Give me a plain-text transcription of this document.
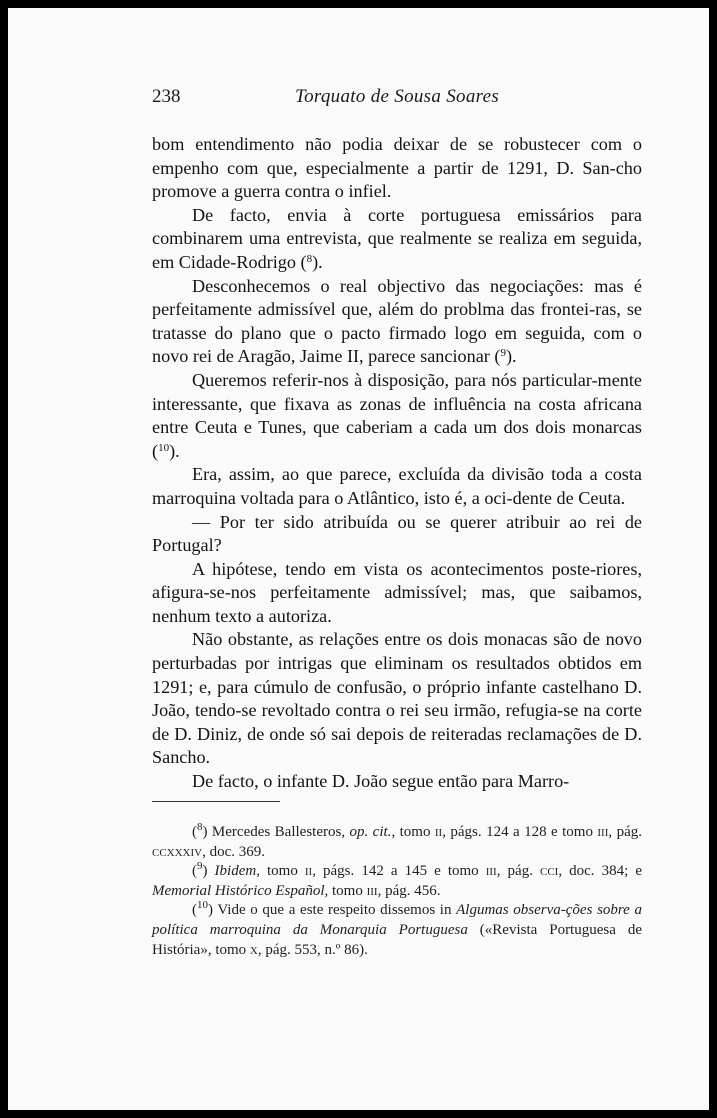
238	Torquato de Sousa Soares

bom entendimento não podia deixar de se robustecer com o empenho com que, especialmente a partir de 1291, D. San-cho promove a guerra contra o infiel.

De facto, envia à corte portuguesa emissários para combinarem uma entrevista, que realmente se realiza em seguida, em Cidade-Rodrigo ($^8$).

Desconhecemos o real objectivo das negociações: mas é perfeitamente admissível que, além do problma das frontei-ras, se tratasse do plano que o pacto firmado logo em seguida, com o novo rei de Aragão, Jaime II, parece sancionar ($^9$).

Queremos referir-nos à disposição, para nós particular-mente interessante, que fixava as zonas de influência na costa africana entre Ceuta e Tunes, que caberiam a cada um dos dois monarcas ($^{10}$).

Era, assim, ao que parece, excluída da divisão toda a costa marroquina voltada para o Atlântico, isto é, a oci-dente de Ceuta.

— Por ter sido atribuída ou se querer atribuir ao rei de Portugal?

A hipótese, tendo em vista os acontecimentos poste-riores, afigura-se-nos perfeitamente admissível; mas, que saibamos, nenhum texto a autoriza.

Não obstante, as relações entre os dois monacas são de novo perturbadas por intrigas que eliminam os resultados obtidos em 1291; e, para cúmulo de confusão, o próprio infante castelhano D. João, tendo-se revoltado contra o rei seu irmão, refugia-se na corte de D. Diniz, de onde só sai depois de reiteradas reclamações de D. Sancho.

De facto, o infante D. João segue então para Marro-

($^8$) Mercedes Ballesteros, op. cit., tomo ii, págs. 124 a 128 e tomo iii, pág. ccxxxiv, doc. 369.

($^9$) Ibidem, tomo ii, págs. 142 a 145 e tomo iii, pág. cci, doc. 384; e Memorial Histórico Español, tomo iii, pág. 456.

($^{10}$) Vide o que a este respeito dissemos in Algumas observa-ções sobre a política marroquina da Monarquia Portuguesa («Revista Portuguesa de História», tomo x, pág. 553, n.º 86).
